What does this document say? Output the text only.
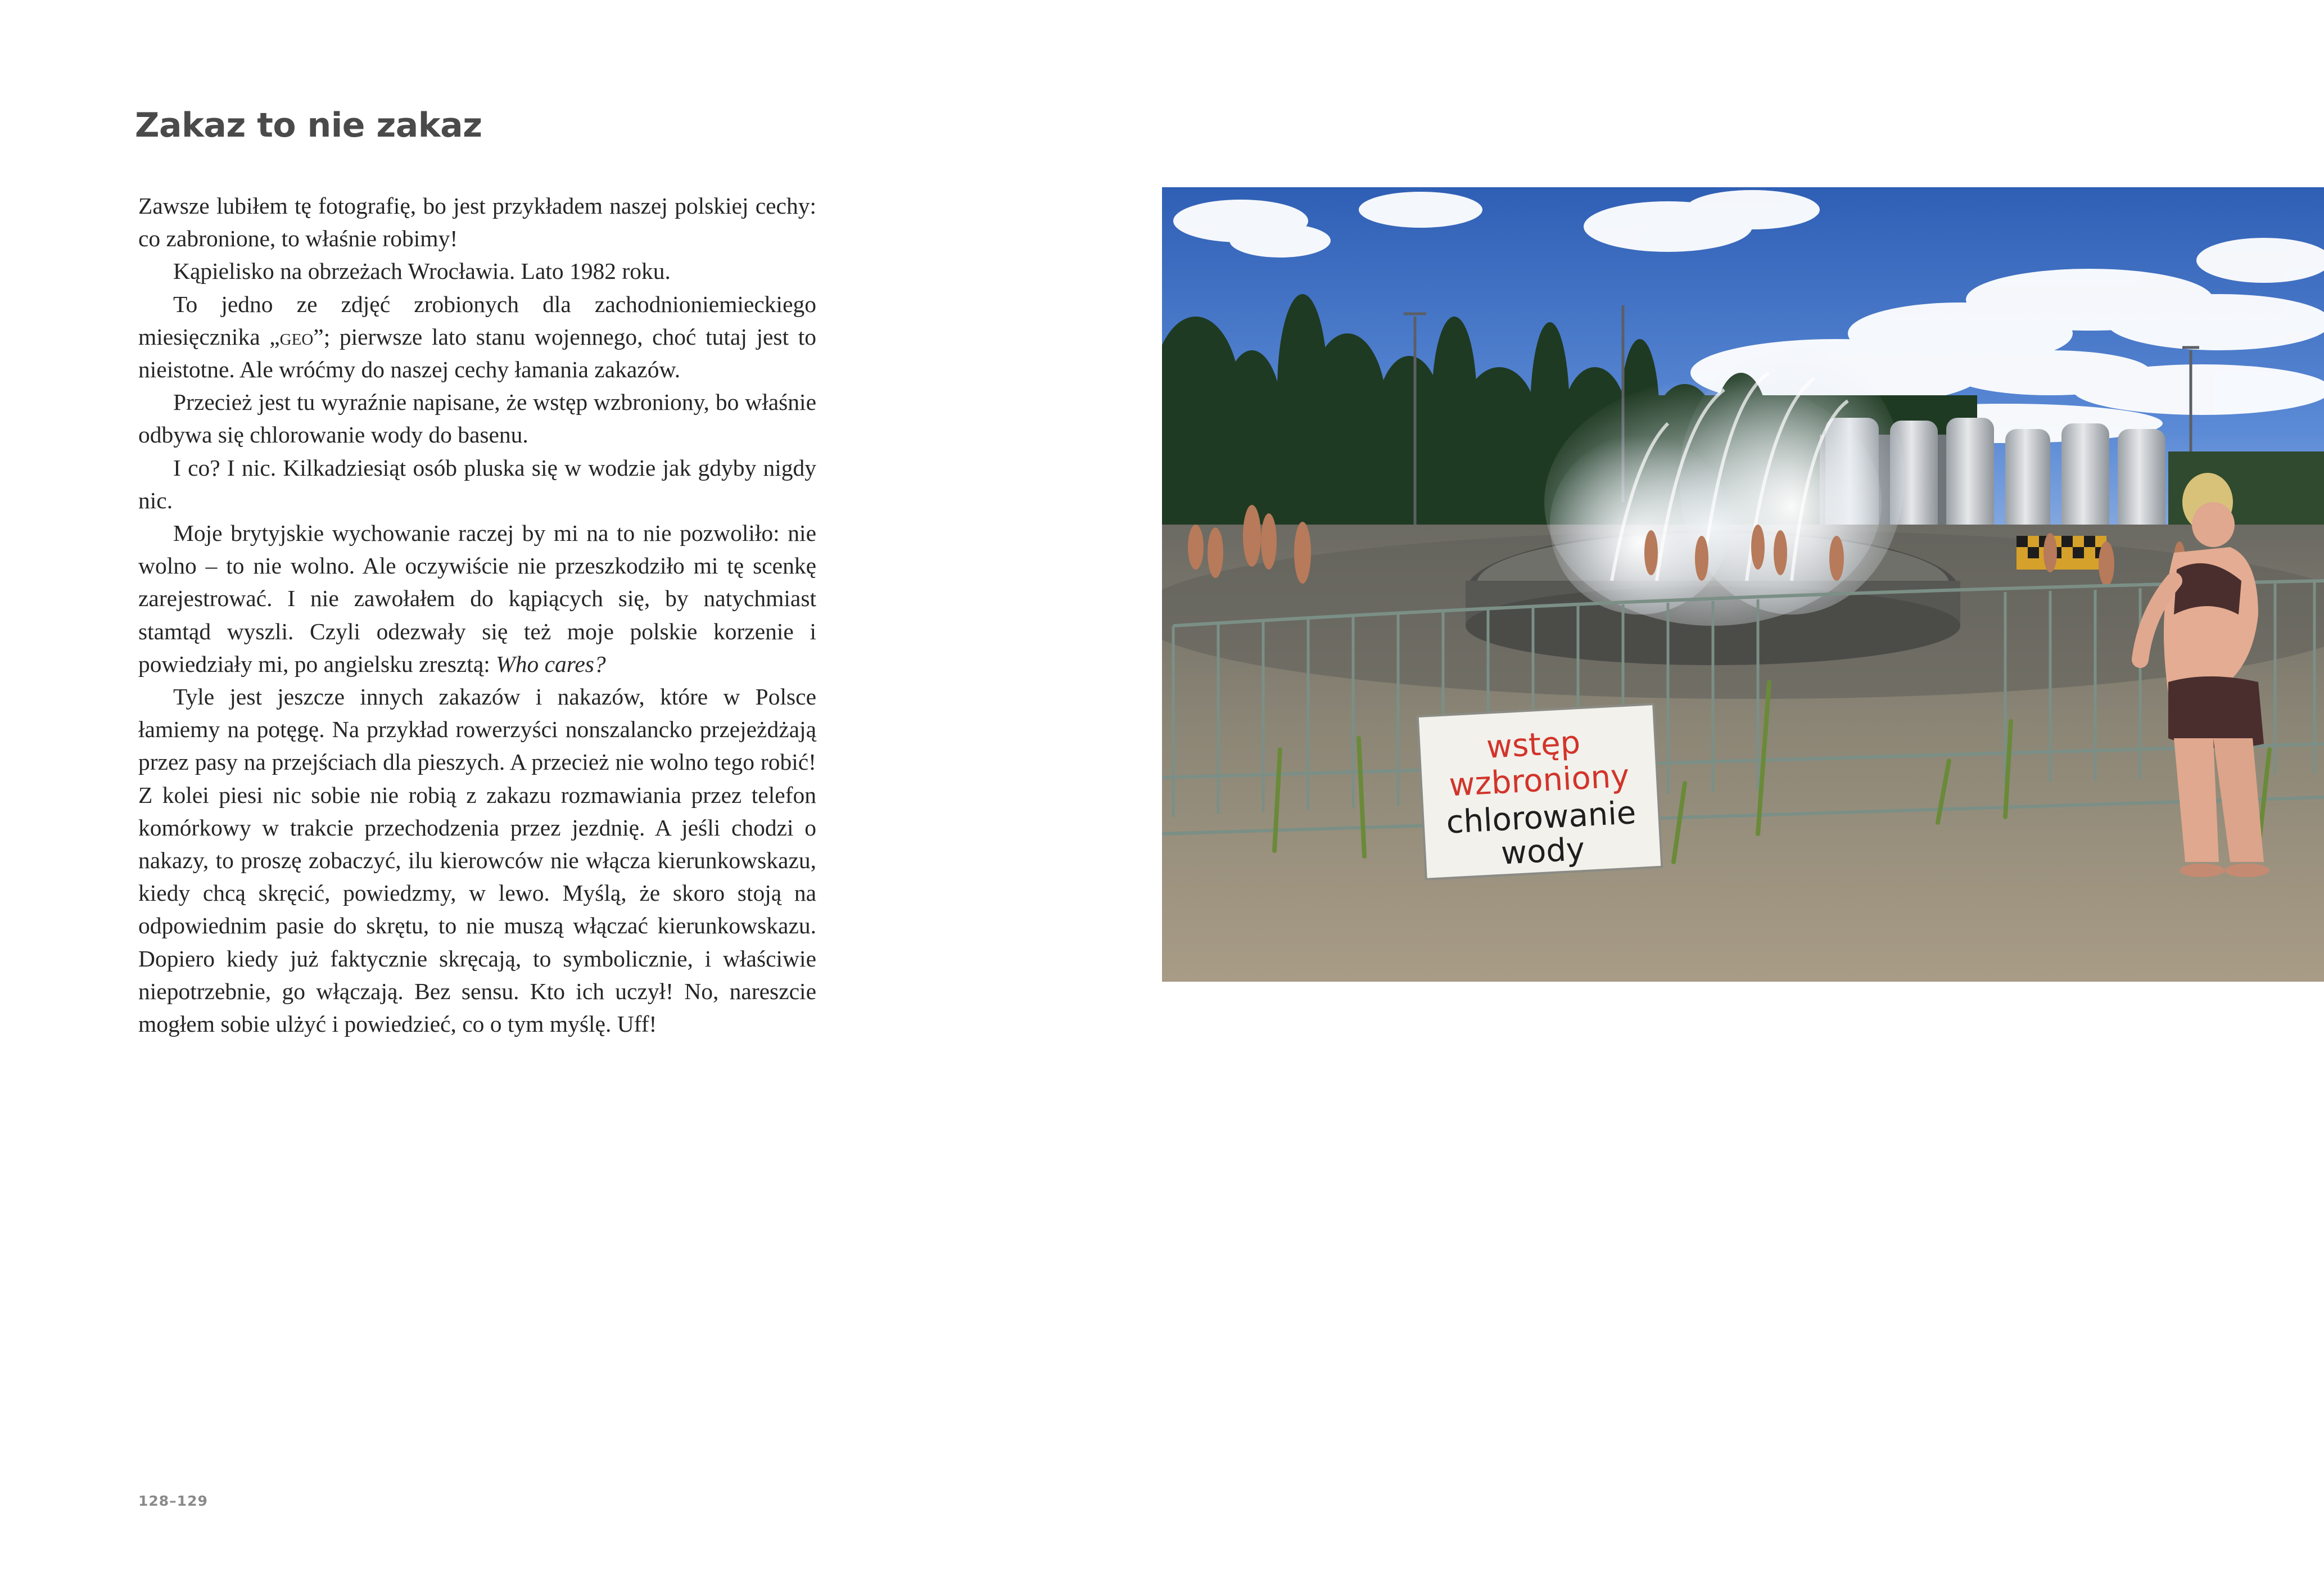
Zakaz to nie zakaz

Zawsze lubiłem tę fotografię, bo jest przykładem naszej polskiej cechy: co zabronione, to właśnie robimy!

Kąpielisko na obrzeżach Wrocławia. Lato 1982 roku.

To jedno ze zdjęć zrobionych dla zachodnioniemieckiego miesięcznika „geo”; pierwsze lato stanu wojennego, choć tutaj jest to nieistotne. Ale wróćmy do naszej cechy łamania zakazów.

Przecież jest tu wyraźnie napisane, że wstęp wzbroniony, bo właśnie odbywa się chlorowanie wody do basenu.

I co? I nic. Kilkadziesiąt osób pluska się w wodzie jak gdyby nigdy nic.

Moje brytyjskie wychowanie raczej by mi na to nie pozwoliło: nie wolno – to nie wolno. Ale oczywiście nie przeszkodziło mi tę scenkę zarejestrować. I nie zawołałem do kąpiących się, by natychmiast stamtąd wyszli. Czyli odezwały się też moje polskie korzenie i powiedziały mi, po angielsku zresztą: Who cares?

Tyle jest jeszcze innych zakazów i nakazów, które w Polsce łamiemy na potęgę. Na przykład rowerzyści nonszalancko przejeżdżają przez pasy na przejściach dla pieszych. A przecież nie wolno tego robić! Z kolei piesi nic sobie nie robią z zakazu rozmawiania przez telefon komórkowy w trakcie przechodzenia przez jezdnię. A jeśli chodzi o nakazy, to proszę zobaczyć, ilu kierowców nie włącza kierunkowskazu, kiedy chcą skręcić, powiedzmy, w lewo. Myślą, że skoro stoją na odpowiednim pasie do skrętu, to nie muszą włączać kierunkowskazu. Dopiero kiedy już faktycznie skręcają, to symbolicznie, i właściwie niepotrzebnie, go włączają. Bez sensu. Kto ich uczył! No, nareszcie mogłem sobie ulżyć i powiedzieć, co o tym myślę. Uff!

128–129
wstęp
wzbroniony
chlorowanie
wody
